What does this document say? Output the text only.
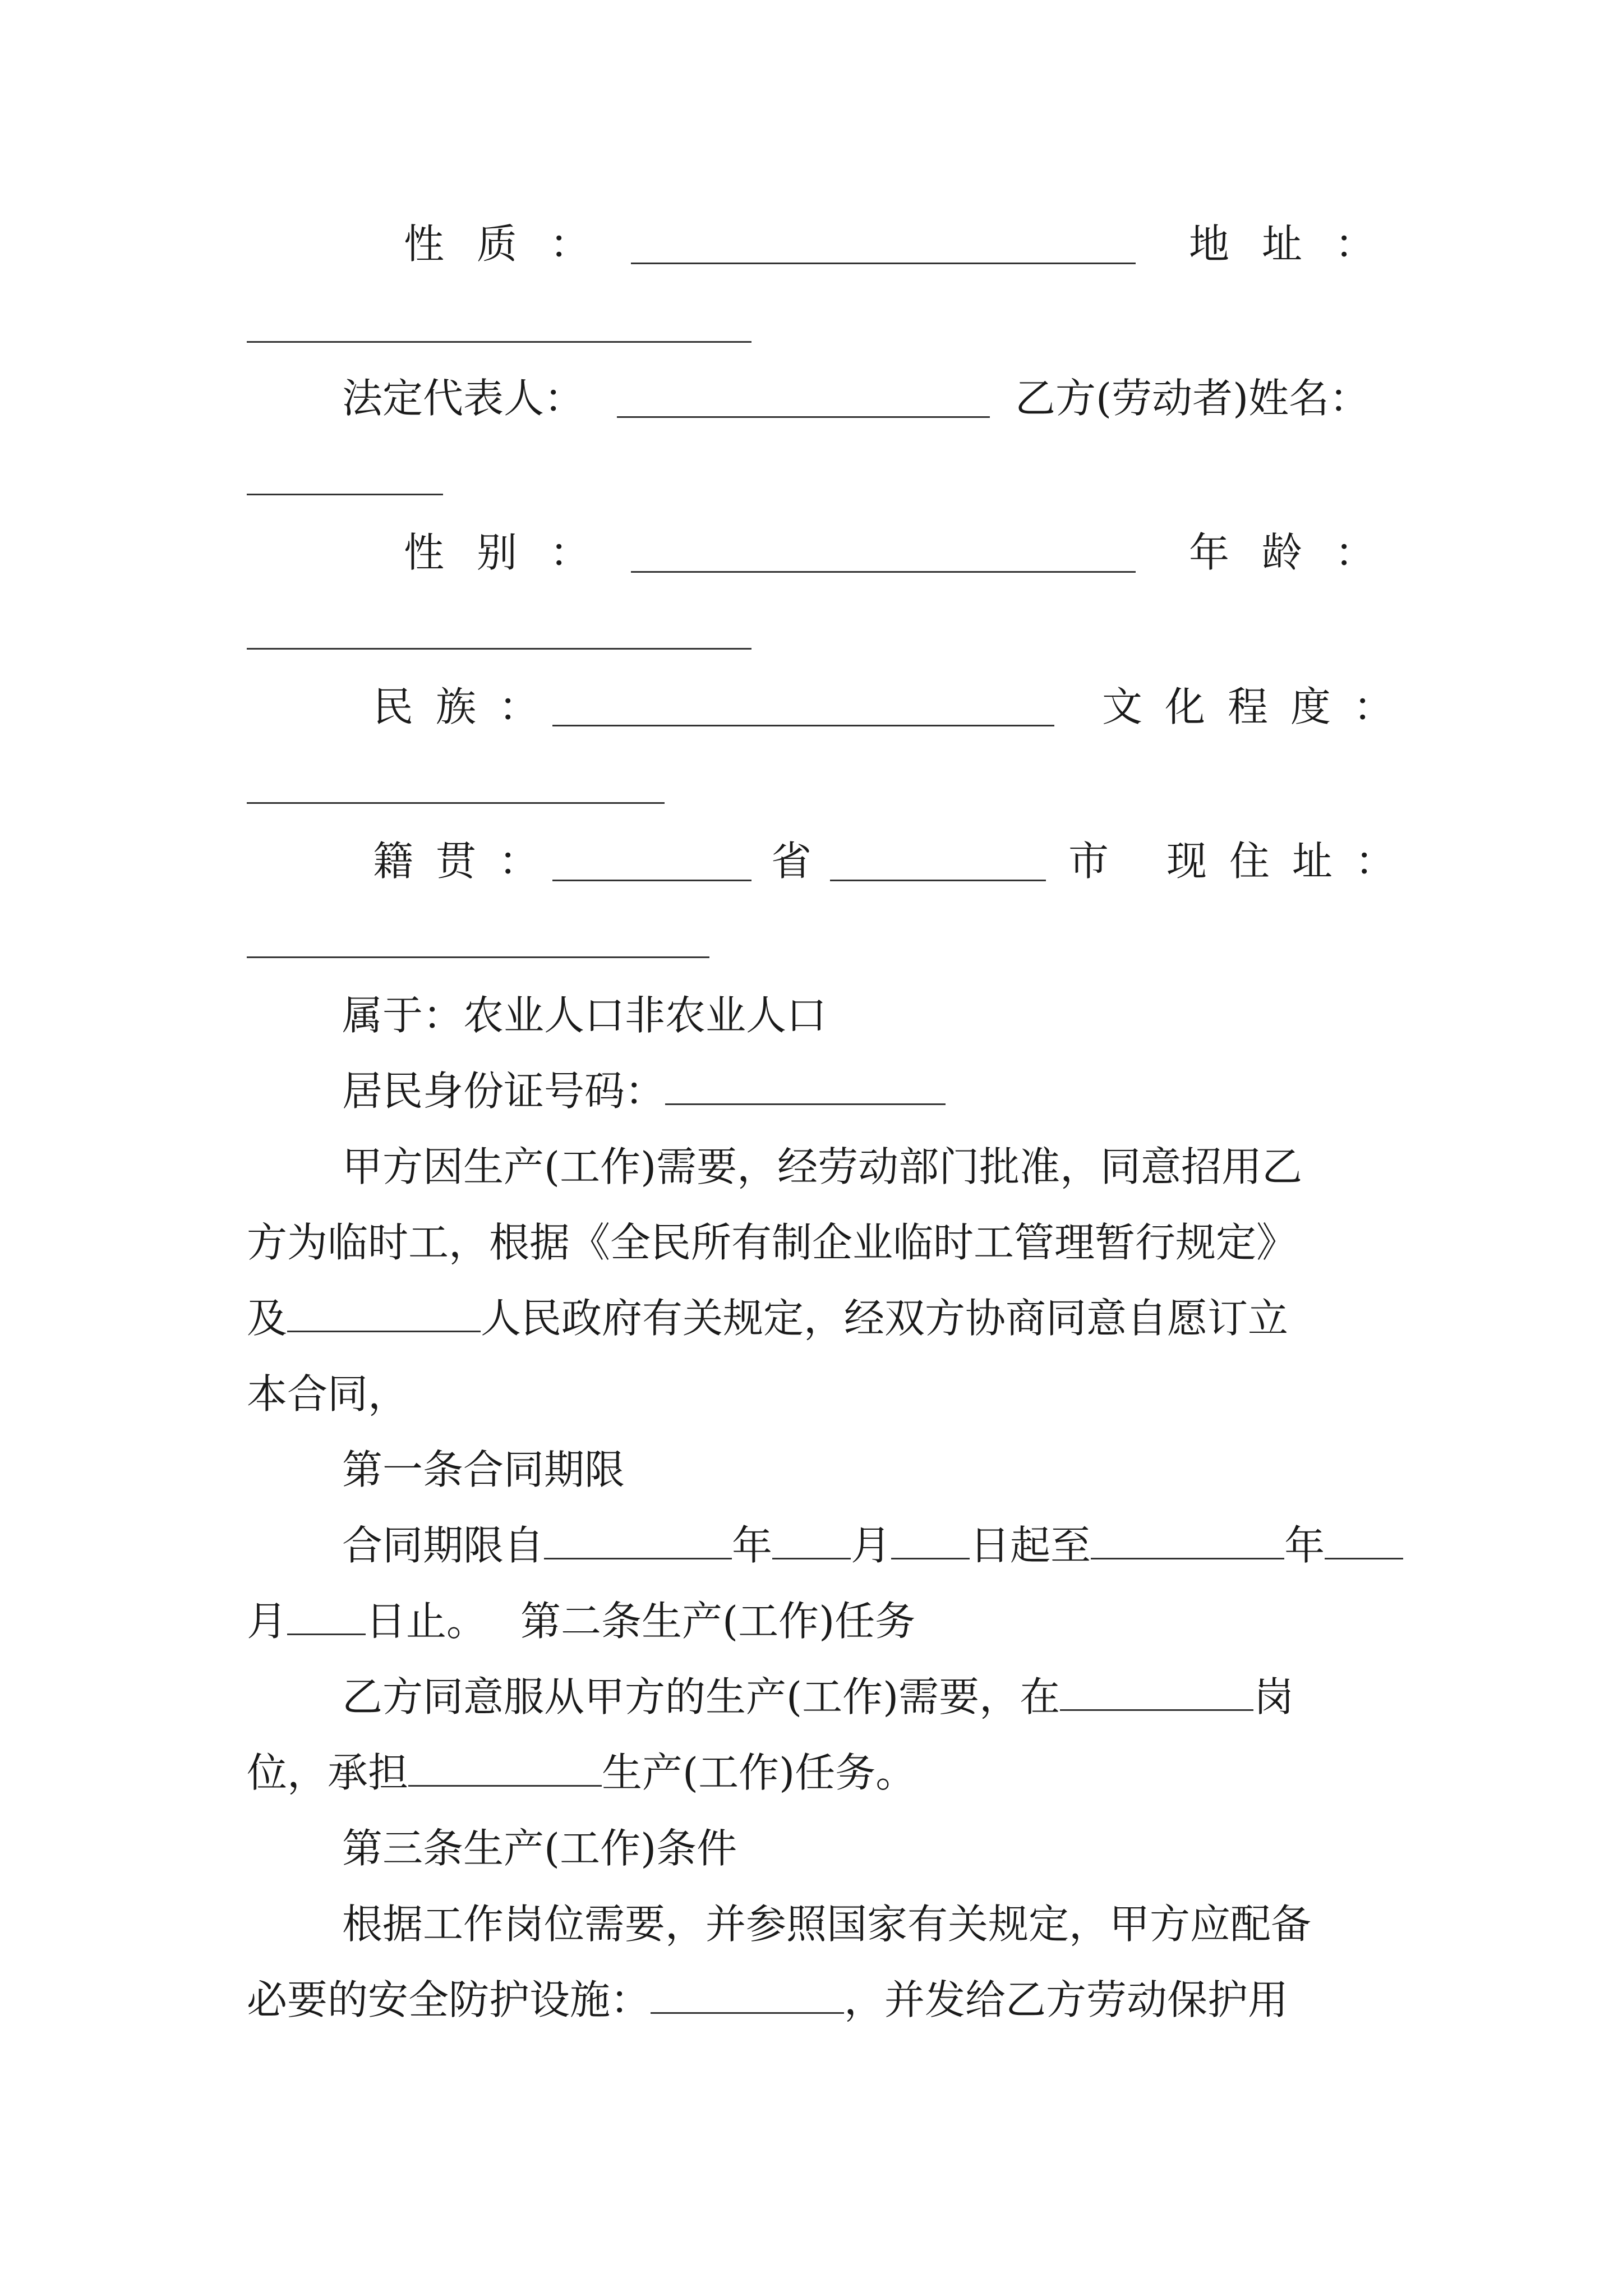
性质：	地址：
法定代表人：	乙方(劳动者)姓名：
性别：	年龄：
民族：	文化程度：
籍贯：	省	市 现住址：
属于：农业人口非农业人口
居民身份证号码：
甲方因生产(工作)需要，经劳动部门批准，同意招用乙
方为临时工，根据《全民所有制企业临时工管理暂行规定》
及	人民政府有关规定，经双方协商同意自愿订立
本合同，
第一条合同期限
合同期限自	年 月 日起至	年
月 日止。 第二条生产(工作)任务
乙方同意服从甲方的生产(工作)需要，在	岗
位，承担	生产(工作)任务。
第三条生产(工作)条件
根据工作岗位需要，并参照国家有关规定，甲方应配备
必要的安全防护设施：	，并发给乙方劳动保护用
